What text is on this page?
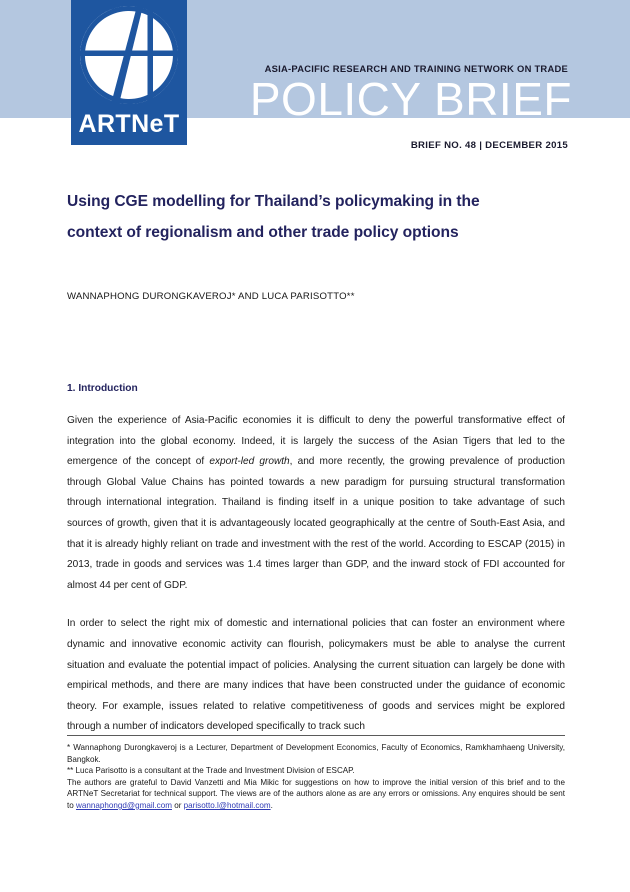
ASIA-PACIFIC RESEARCH AND TRAINING NETWORK ON TRADE
POLICY BRIEF
BRIEF NO. 48 | DECEMBER 2015
ARTNeT
Using CGE modelling for Thailand’s policymaking in the
context of regionalism and other trade policy options
WANNAPHONG DURONGKAVEROJ* AND LUCA PARISOTTO**
1. Introduction

Given the experience of Asia-Pacific economies it is difficult to deny the powerful transformative effect of integration into the global economy. Indeed, it is largely the success of the Asian Tigers that led to the emergence of the concept of export-led growth, and more recently, the growing prevalence of production through Global Value Chains has pointed towards a new paradigm for pursuing structural transformation through international integration. Thailand is finding itself in a unique position to take advantage of such sources of growth, given that it is advantageously located geographically at the centre of South-East Asia, and that it is already highly reliant on trade and investment with the rest of the world. According to ESCAP (2015) in 2013, trade in goods and services was 1.4 times larger than GDP, and the inward stock of FDI accounted for almost 44 per cent of GDP.

In order to select the right mix of domestic and international policies that can foster an environment where dynamic and innovative economic activity can flourish, policymakers must be able to analyse the current situation and evaluate the potential impact of policies. Analysing the current situation can largely be done with empirical methods, and there are many indices that have been constructed under the guidance of economic theory. For example, issues related to relative competitiveness of goods and services might be explored through a number of indicators developed specifically to track such

* Wannaphong Durongkaveroj is a Lecturer, Department of Development Economics, Faculty of Economics, Ramkhamhaeng University, Bangkok.

** Luca Parisotto is a consultant at the Trade and Investment Division of ESCAP.

The authors are grateful to David Vanzetti and Mia Mikic for suggestions on how to improve the initial version of this brief and to the ARTNeT Secretariat for technical support. The views are of the authors alone as are any errors or omissions. Any enquires should be sent to wannaphongd@gmail.com or parisotto.l@hotmail.com.
